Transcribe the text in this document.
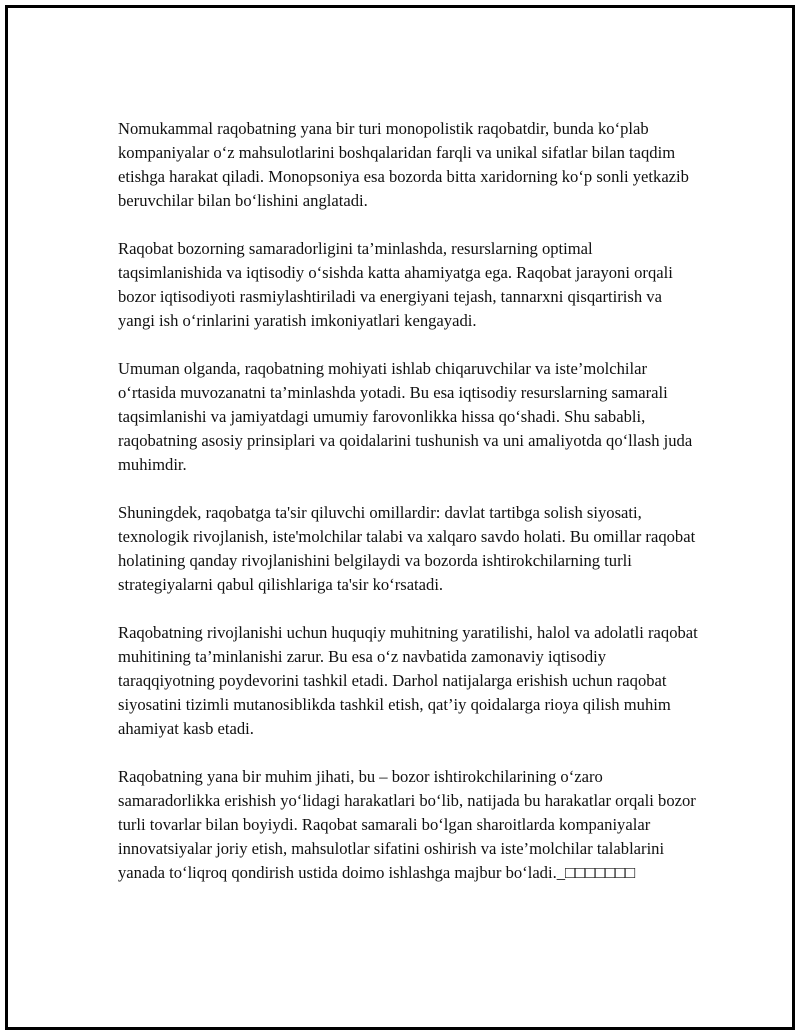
Nomukammal raqobatning yana bir turi monopolistik raqobatdir, bunda ko‘plab kompaniyalar o‘z mahsulotlarini boshqalaridan farqli va unikal sifatlar bilan taqdim etishga harakat qiladi. Monopsoniya esa bozorda bitta xaridorning ko‘p sonli yetkazib beruvchilar bilan bo‘lishini anglatadi.

Raqobat bozorning samaradorligini ta’minlashda, resurslarning optimal taqsimlanishida va iqtisodiy o‘sishda katta ahamiyatga ega. Raqobat jarayoni orqali bozor iqtisodiyoti rasmiylashtiriladi va energiyani tejash, tannarxni qisqartirish va yangi ish o‘rinlarini yaratish imkoniyatlari kengayadi.

Umuman olganda, raqobatning mohiyati ishlab chiqaruvchilar va iste’molchilar o‘rtasida muvozanatni ta’minlashda yotadi. Bu esa iqtisodiy resurslarning samarali taqsimlanishi va jamiyatdagi umumiy farovonlikka hissa qo‘shadi. Shu sababli, raqobatning asosiy prinsiplari va qoidalarini tushunish va uni amaliyotda qo‘llash juda muhimdir.

Shuningdek, raqobatga ta'sir qiluvchi omillardir: davlat tartibga solish siyosati, texnologik rivojlanish, iste'molchilar talabi va xalqaro savdo holati. Bu omillar raqobat holatining qanday rivojlanishini belgilaydi va bozorda ishtirokchilarning turli strategiyalarni qabul qilishlariga ta'sir ko‘rsatadi.

Raqobatning rivojlanishi uchun huquqiy muhitning yaratilishi, halol va adolatli raqobat muhitining ta’minlanishi zarur. Bu esa o‘z navbatida zamonaviy iqtisodiy taraqqiyotning poydevorini tashkil etadi. Darhol natijalarga erishish uchun raqobat siyosatini tizimli mutanosiblikda tashkil etish, qat’iy qoidalarga rioya qilish muhim ahamiyat kasb etadi.

Raqobatning yana bir muhim jihati, bu – bozor ishtirokchilarining o‘zaro samaradorlikka erishish yo‘lidagi harakatlari bo‘lib, natijada bu harakatlar orqali bozor turli tovarlar bilan boyiydi. Raqobat samarali bo‘lgan sharoitlarda kompaniyalar innovatsiyalar joriy etish, mahsulotlar sifatini oshirish va iste’molchilar talablarini yanada to‘liqroq qondirish ustida doimo ishlashga majbur bo‘ladi._□□□□□□□
